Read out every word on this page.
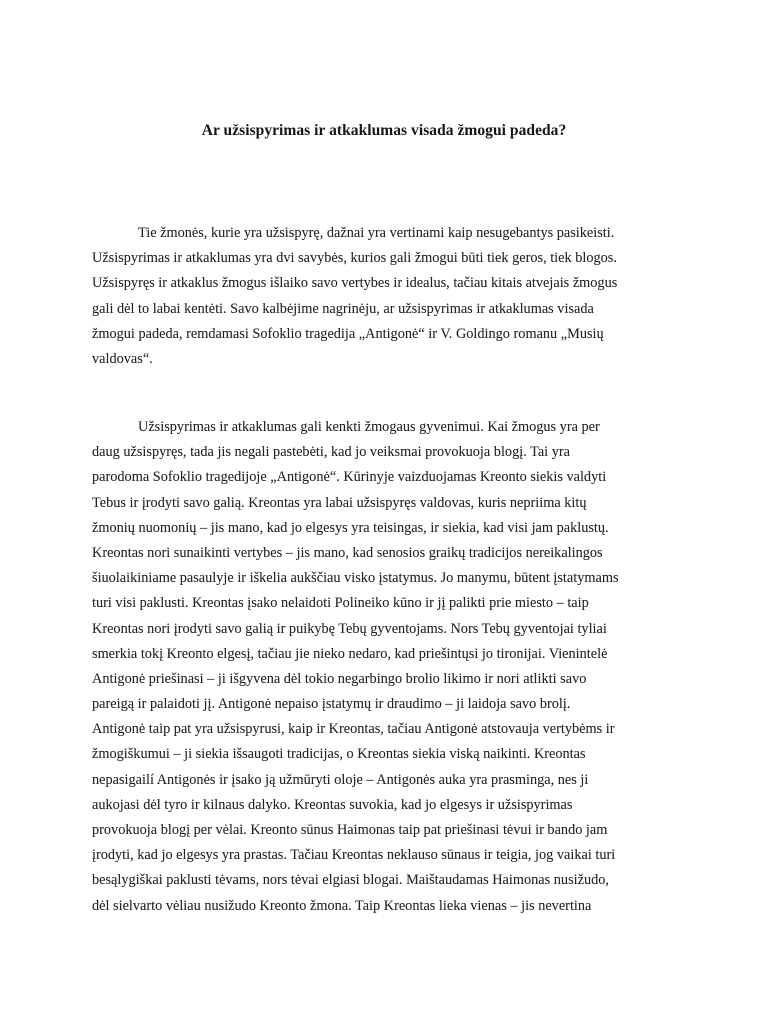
Ar užsispyrimas ir atkaklumas visada žmogui padeda?
Tie žmonės, kurie yra užsispyrę, dažnai yra vertinami kaip nesugebantys pasikeisti.
Užsispyrimas ir atkaklumas yra dvi savybės, kurios gali žmogui būti tiek geros, tiek blogos.
Užsispyręs ir atkaklus žmogus išlaiko savo vertybes ir idealus, tačiau kitais atvejais žmogus
gali dėl to labai kentėti. Savo kalbėjime nagrinėju, ar užsispyrimas ir atkaklumas visada
žmogui padeda, remdamasi Sofoklio tragedija „Antigonė“ ir V. Goldingo romanu „Musių
valdovas“.
Užsispyrimas ir atkaklumas gali kenkti žmogaus gyvenimui. Kai žmogus yra per
daug užsispyręs, tada jis negali pastebėti, kad jo veiksmai provokuoja blogį. Tai yra
parodoma Sofoklio tragedijoje „Antigonė“. Kūrinyje vaizduojamas Kreonto siekis valdyti
Tebus ir įrodyti savo galią. Kreontas yra labai užsispyręs valdovas, kuris nepriima kitų
žmonių nuomonių – jis mano, kad jo elgesys yra teisingas, ir siekia, kad visi jam paklustų.
Kreontas nori sunaikinti vertybes – jis mano, kad senosios graikų tradicijos nereikalingos
šiuolaikiniame pasaulyje ir iškelia aukščiau visko įstatymus. Jo manymu, būtent įstatymams
turi visi paklusti. Kreontas įsako nelaidoti Polineiko kūno ir jį palikti prie miesto – taip
Kreontas nori įrodyti savo galią ir puikybę Tebų gyventojams. Nors Tebų gyventojai tyliai
smerkia tokį Kreonto elgesį, tačiau jie nieko nedaro, kad priešintųsi jo tironijai. Vienintelė
Antigonė priešinasi – ji išgyvena dėl tokio negarbingo brolio likimo ir nori atlikti savo
pareigą ir palaidoti jį. Antigonė nepaiso įstatymų ir draudimo – ji laidoja savo brolį.
Antigonė taip pat yra užsispyrusi, kaip ir Kreontas, tačiau Antigonė atstovauja vertybėms ir
žmogiškumui – ji siekia išsaugoti tradicijas, o Kreontas siekia viską naikinti. Kreontas
nepasigailí Antigonės ir įsako ją užmūryti oloje – Antigonės auka yra prasminga, nes ji
aukojasi dėl tyro ir kilnaus dalyko. Kreontas suvokia, kad jo elgesys ir užsispyrimas
provokuoja blogį per vėlai. Kreonto sūnus Haimonas taip pat priešinasi tėvui ir bando jam
įrodyti, kad jo elgesys yra prastas. Tačiau Kreontas neklauso sūnaus ir teigia, jog vaikai turi
besąlygiškai paklusti tėvams, nors tėvai elgiasi blogai. Maištaudamas Haimonas nusižudo,
dėl sielvarto vėliau nusižudo Kreonto žmona. Taip Kreontas lieka vienas – jis nevertina
